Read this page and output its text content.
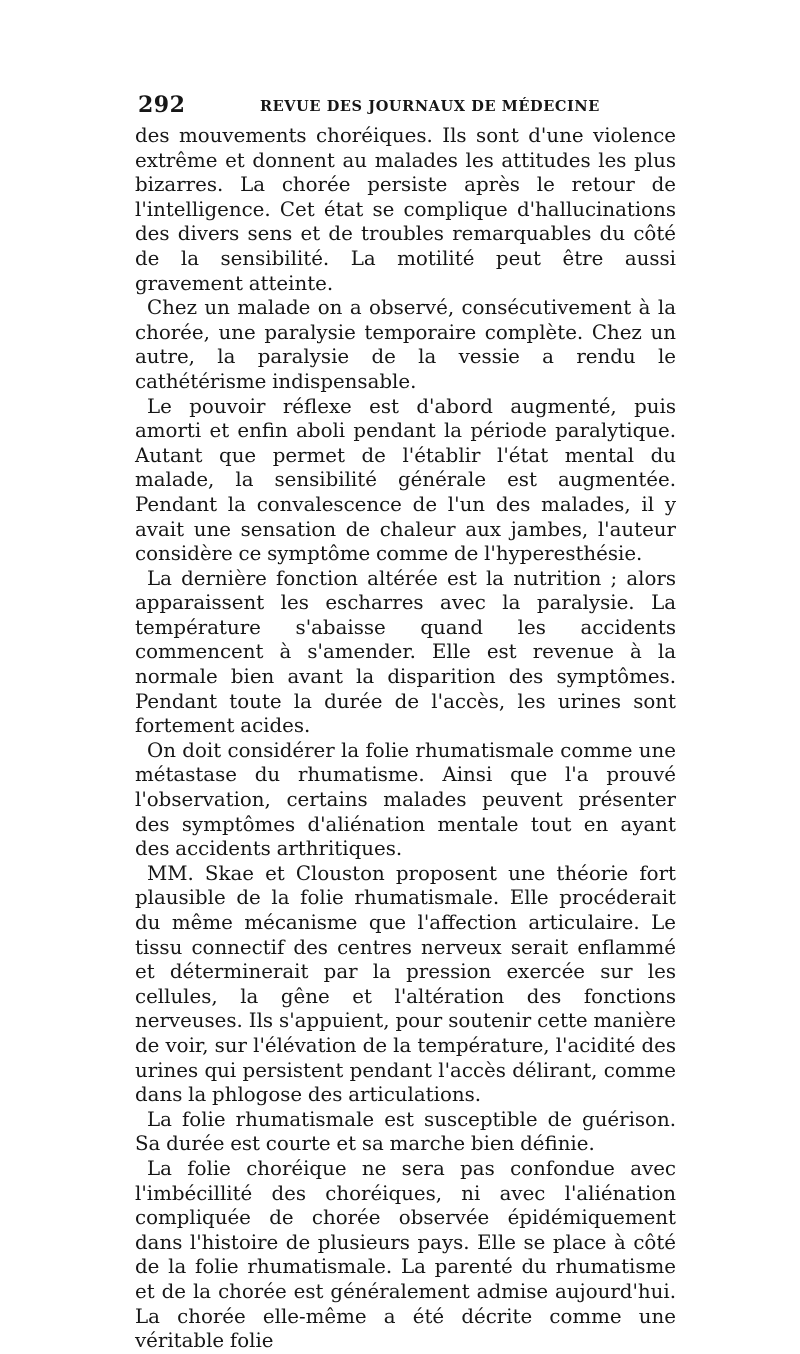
292	REVUE DES JOURNAUX DE MÉDECINE

des mouvements choréiques. Ils sont d'une violence extrême et donnent au malades les attitudes les plus bizarres. La chorée persiste après le retour de l'intelligence. Cet état se complique d'hallucinations des divers sens et de troubles remarquables du côté de la sensibilité. La motilité peut être aussi gravement atteinte.

Chez un malade on a observé, consécutivement à la chorée, une paralysie temporaire complète. Chez un autre, la paralysie de la vessie a rendu le cathétérisme indispensable.

Le pouvoir réflexe est d'abord augmenté, puis amorti et enfin aboli pendant la période paralytique. Autant que permet de l'établir l'état mental du malade, la sensibilité générale est augmentée. Pendant la convalescence de l'un des malades, il y avait une sensation de chaleur aux jambes, l'auteur considère ce symptôme comme de l'hyperesthésie.

La dernière fonction altérée est la nutrition ; alors apparaissent les escharres avec la paralysie. La température s'abaisse quand les accidents commencent à s'amender. Elle est revenue à la normale bien avant la disparition des symptômes. Pendant toute la durée de l'accès, les urines sont fortement acides.

On doit considérer la folie rhumatismale comme une métastase du rhumatisme. Ainsi que l'a prouvé l'observation, certains malades peuvent présenter des symptômes d'aliénation mentale tout en ayant des accidents arthritiques.

MM. Skae et Clouston proposent une théorie fort plausible de la folie rhumatismale. Elle procéderait du même mécanisme que l'affection articulaire. Le tissu connectif des centres nerveux serait enflammé et déterminerait par la pression exercée sur les cellules, la gêne et l'altération des fonctions nerveuses. Ils s'appuient, pour soutenir cette manière de voir, sur l'élévation de la température, l'acidité des urines qui persistent pendant l'accès délirant, comme dans la phlogose des articulations.

La folie rhumatismale est susceptible de guérison. Sa durée est courte et sa marche bien définie.

La folie choréique ne sera pas confondue avec l'imbécillité des choréiques, ni avec l'aliénation compliquée de chorée observée épidémiquement dans l'histoire de plusieurs pays. Elle se place à côté de la folie rhumatismale. La parenté du rhumatisme et de la chorée est généralement admise aujourd'hui. La chorée elle-même a été décrite comme une véritable folie
